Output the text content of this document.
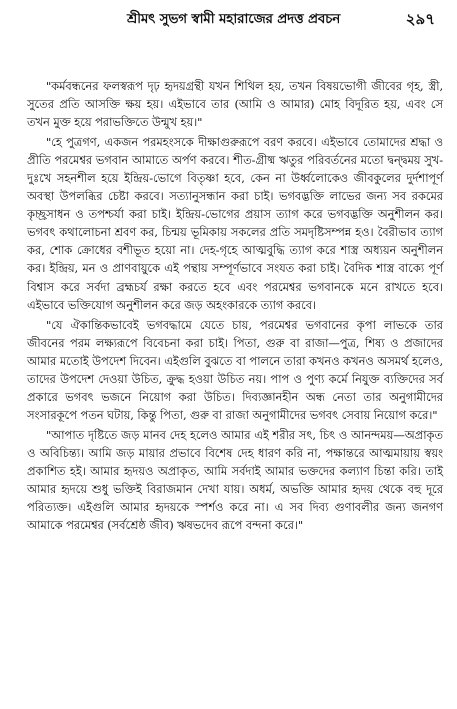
শ্রীমৎ সুভগ স্বামী মহারাজের প্রদত্ত প্রবচন	২৯৭

"কর্মবন্ধনের ফলস্বরূপ দৃঢ় হৃদয়গ্রন্থী যখন শিথিল হয়, তখন বিষয়ভোগী জীবের গৃহ, স্ত্রী, সুতের প্রতি আসক্তি ক্ষয় হয়। এইভাবে তার (আমি ও আমার) মোহ বিদূরিত হয়, এবং সে তখন মুক্ত হয়ে পরাভক্তিতে উন্মুখ হয়।"

"হে পুত্রগণ, একজন পরমহংসকে দীক্ষাগুরুরূপে বরণ করবে। এইভাবে তোমাদের শ্রদ্ধা ও প্রীতি পরমেশ্বর ভগবান আমাতে অর্পণ করবে। শীত-গ্রীষ্ম ঋতুর পরিবর্তনের মতো দ্বন্দ্বময় সুখ-দুঃখে সহনশীল হয়ে ইন্দ্রিয়-ভোগে বিতৃষ্ণা হবে, কেন না উর্ধ্বলোকেও জীবকুলের দুর্দশাপূর্ণ অবস্থা উপলব্ধির চেষ্টা করবে। সত্যানুসন্ধান করা চাই। ভগবদ্ভক্তি লাভের জন্য সব রকমের কৃচ্ছ্রসাধন ও তপশ্চর্যা করা চাই। ইন্দ্রিয়-ভোগের প্রয়াস ত্যাগ করে ভগবদ্ভক্তি অনুশীলন কর। ভগবৎ কথালোচনা শ্রবণ কর, চিন্ময় ভূমিকায় সকলের প্রতি সমদৃষ্টিসম্পন্ন হও। বৈরীভাব ত্যাগ কর, শোক ক্রোধের বশীভূত হয়ো না। দেহ-গৃহে আত্মবুদ্ধি ত্যাগ করে শাস্ত্র অধ্যয়ন অনুশীলন কর। ইন্দ্রিয়, মন ও প্রাণবায়ুকে এই পন্থায় সম্পূর্ণভাবে সংযত করা চাই। বৈদিক শাস্ত্র বাক্যে পূর্ণ বিশ্বাস করে সর্বদা ব্রহ্মচর্য রক্ষা করতে হবে এবং পরমেশ্বর ভগবানকে মনে রাখতে হবে। এইভাবে ভক্তিযোগ অনুশীলন করে জড় অহংকারকে ত্যাগ করবে।

"যে ঐকান্তিকভাবেই ভগবদ্ধামে যেতে চায়, পরমেশ্বর ভগবানের কৃপা লাভকে তার জীবনের পরম লক্ষ্যরূপে বিবেচনা করা চাই। পিতা, গুরু বা রাজা—পুত্র, শিষ্য ও প্রজাদের আমার মতোই উপদেশ দিবেন। এইগুলি বুঝতে বা পালনে তারা কখনও কখনও অসমর্থ হলেও, তাদের উপদেশ দেওয়া উচিত, ক্রুদ্ধ হওয়া উচিত নয়। পাপ ও পুণ্য কর্মে নিযুক্ত ব্যক্তিদের সর্ব প্রকারে ভগবৎ ভজনে নিয়োগ করা উচিত। দিব্যজ্ঞানহীন অন্ধ নেতা তার অনুগামীদের সংসারকূপে পতন ঘটায়, কিন্তু পিতা, গুরু বা রাজা অনুগামীদের ভগবৎ সেবায় নিয়োগ করে।"

"আপাত দৃষ্টিতে জড় মানব দেহ হলেও আমার এই শরীর সৎ, চিৎ ও আনন্দময়—অপ্রাকৃত ও অবিচিন্ত্য। আমি জড় মায়ার প্রভাবে বিশেষ দেহ ধারণ করি না, পক্ষান্তরে আত্মমায়ায় স্বয়ং প্রকাশিত হই। আমার হৃদয়ও অপ্রাকৃত, আমি সর্বদাই আমার ভক্তদের কল্যাণ চিন্তা করি। তাই আমার হৃদয়ে শুধু ভক্তিই বিরাজমান দেখা যায়। অধর্ম, অভক্তি আমার হৃদয় থেকে বহু দূরে পরিত্যক্ত। এইগুলি আমার হৃদয়কে স্পর্শও করে না। এ সব দিব্য গুণাবলীর জন্য জনগণ আমাকে পরমেশ্বর (সর্বশ্রেষ্ঠ জীব) ঋষভদেব রূপে বন্দনা করে।"
